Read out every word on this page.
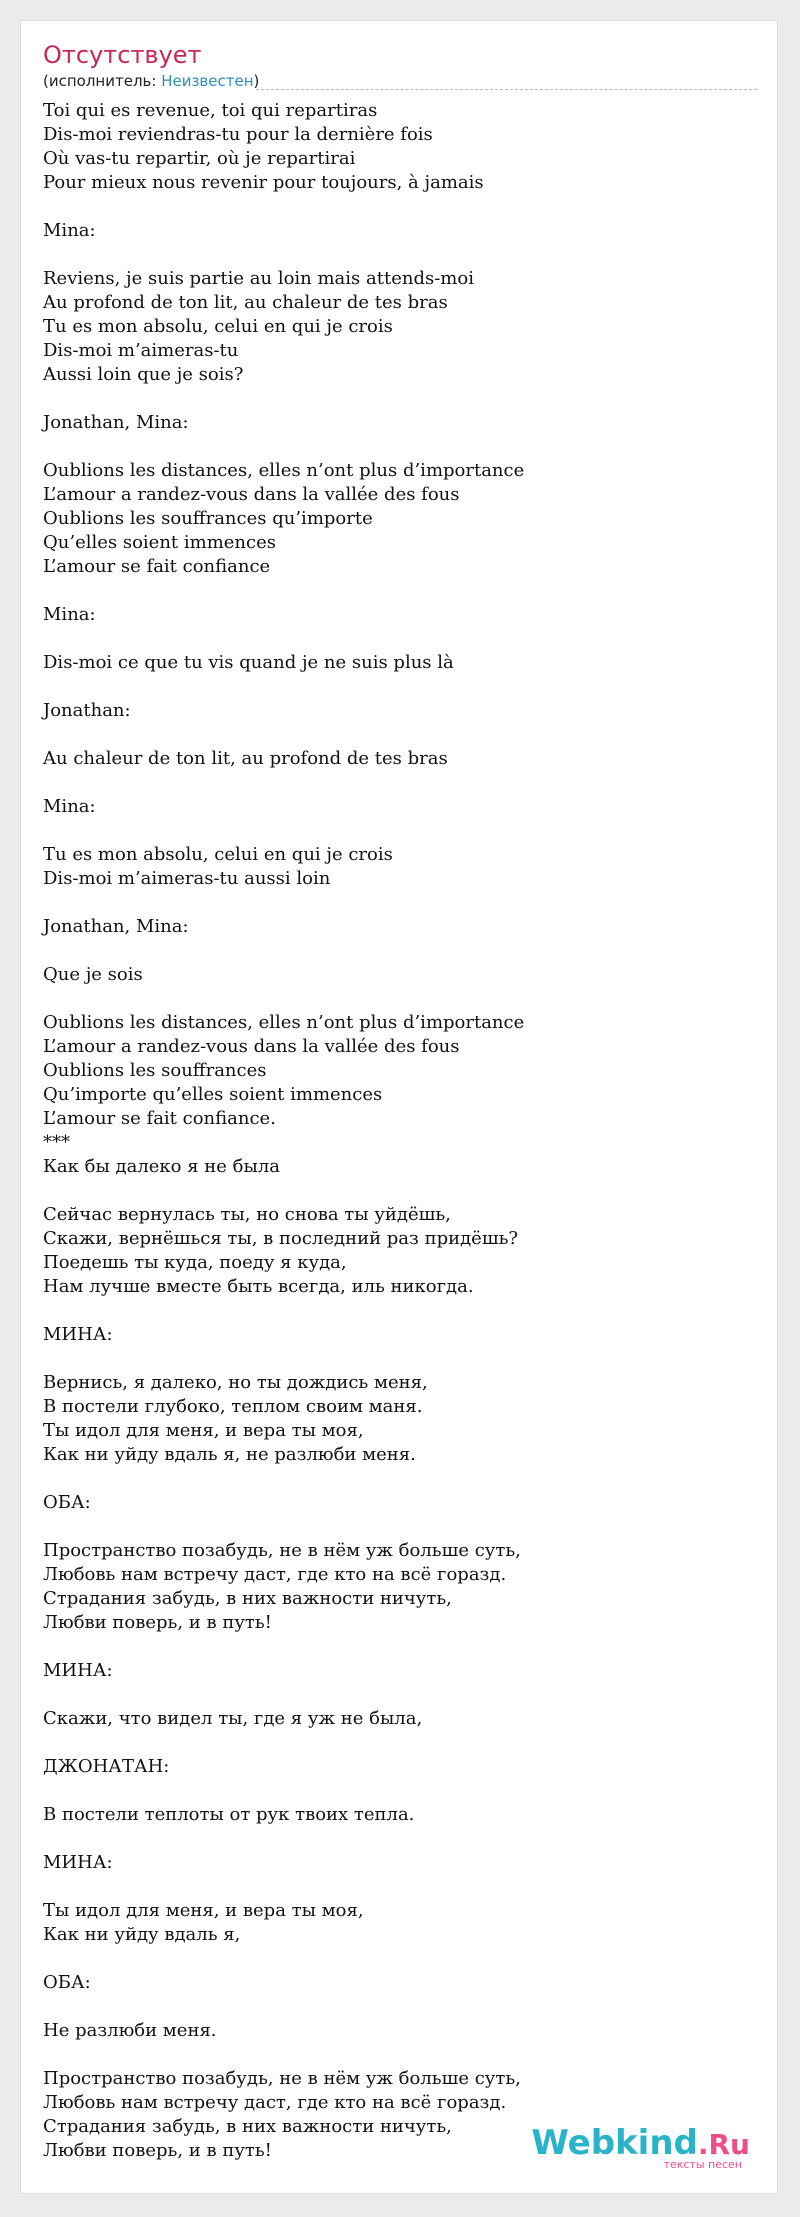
Отсутствует
(исполнитель: Неизвестен)
Toi qui es revenue, toi qui repartiras
Dis-moi reviendras-tu pour la dernière fois
Où vas-tu repartir, où je repartirai
Pour mieux nous revenir pour toujours, à jamais

Mina:

Reviens, je suis partie au loin mais attends-moi
Au profond de ton lit, au chaleur de tes bras
Tu es mon absolu, celui en qui je crois
Dis-moi m’aimeras-tu
Aussi loin que je sois?

Jonathan, Mina:

Oublions les distances, elles n’ont plus d’importance
L’amour a randez-vous dans la vallée des fous
Oublions les souffrances qu’importe
Qu’elles soient immences
L’amour se fait confiance

Mina:

Dis-moi ce que tu vis quand je ne suis plus là

Jonathan:

Au chaleur de ton lit, au profond de tes bras

Mina:

Tu es mon absolu, celui en qui je crois
Dis-moi m’aimeras-tu aussi loin

Jonathan, Mina:

Que je sois

Oublions les distances, elles n’ont plus d’importance
L’amour a randez-vous dans la vallée des fous
Oublions les souffrances
Qu’importe qu’elles soient immences
L’amour se fait confiance.
***
Как бы далеко я не была

Сейчас вернулась ты, но снова ты уйдёшь,
Скажи, вернёшься ты, в последний раз придёшь?
Поедешь ты куда, поеду я куда,
Нам лучше вместе быть всегда, иль никогда.

МИНА:

Вернись, я далеко, но ты дождись меня,
В постели глубоко, теплом своим маня.
Ты идол для меня, и вера ты моя,
Как ни уйду вдаль я, не разлюби меня.

ОБА:

Пространство позабудь, не в нём уж больше суть,
Любовь нам встречу даст, где кто на всё горазд.
Страдания забудь, в них важности ничуть,
Любви поверь, и в путь!

МИНА:

Скажи, что видел ты, где я уж не была,

ДЖОНАТАН:

В постели теплоты от рук твоих тепла.

МИНА:

Ты идол для меня, и вера ты моя,
Как ни уйду вдаль я,

ОБА:

Не разлюби меня.

Пространство позабудь, не в нём уж больше суть,
Любовь нам встречу даст, где кто на всё горазд.
Страдания забудь, в них важности ничуть,
Любви поверь, и в путь!	Webkind.Ru
тексты песен
